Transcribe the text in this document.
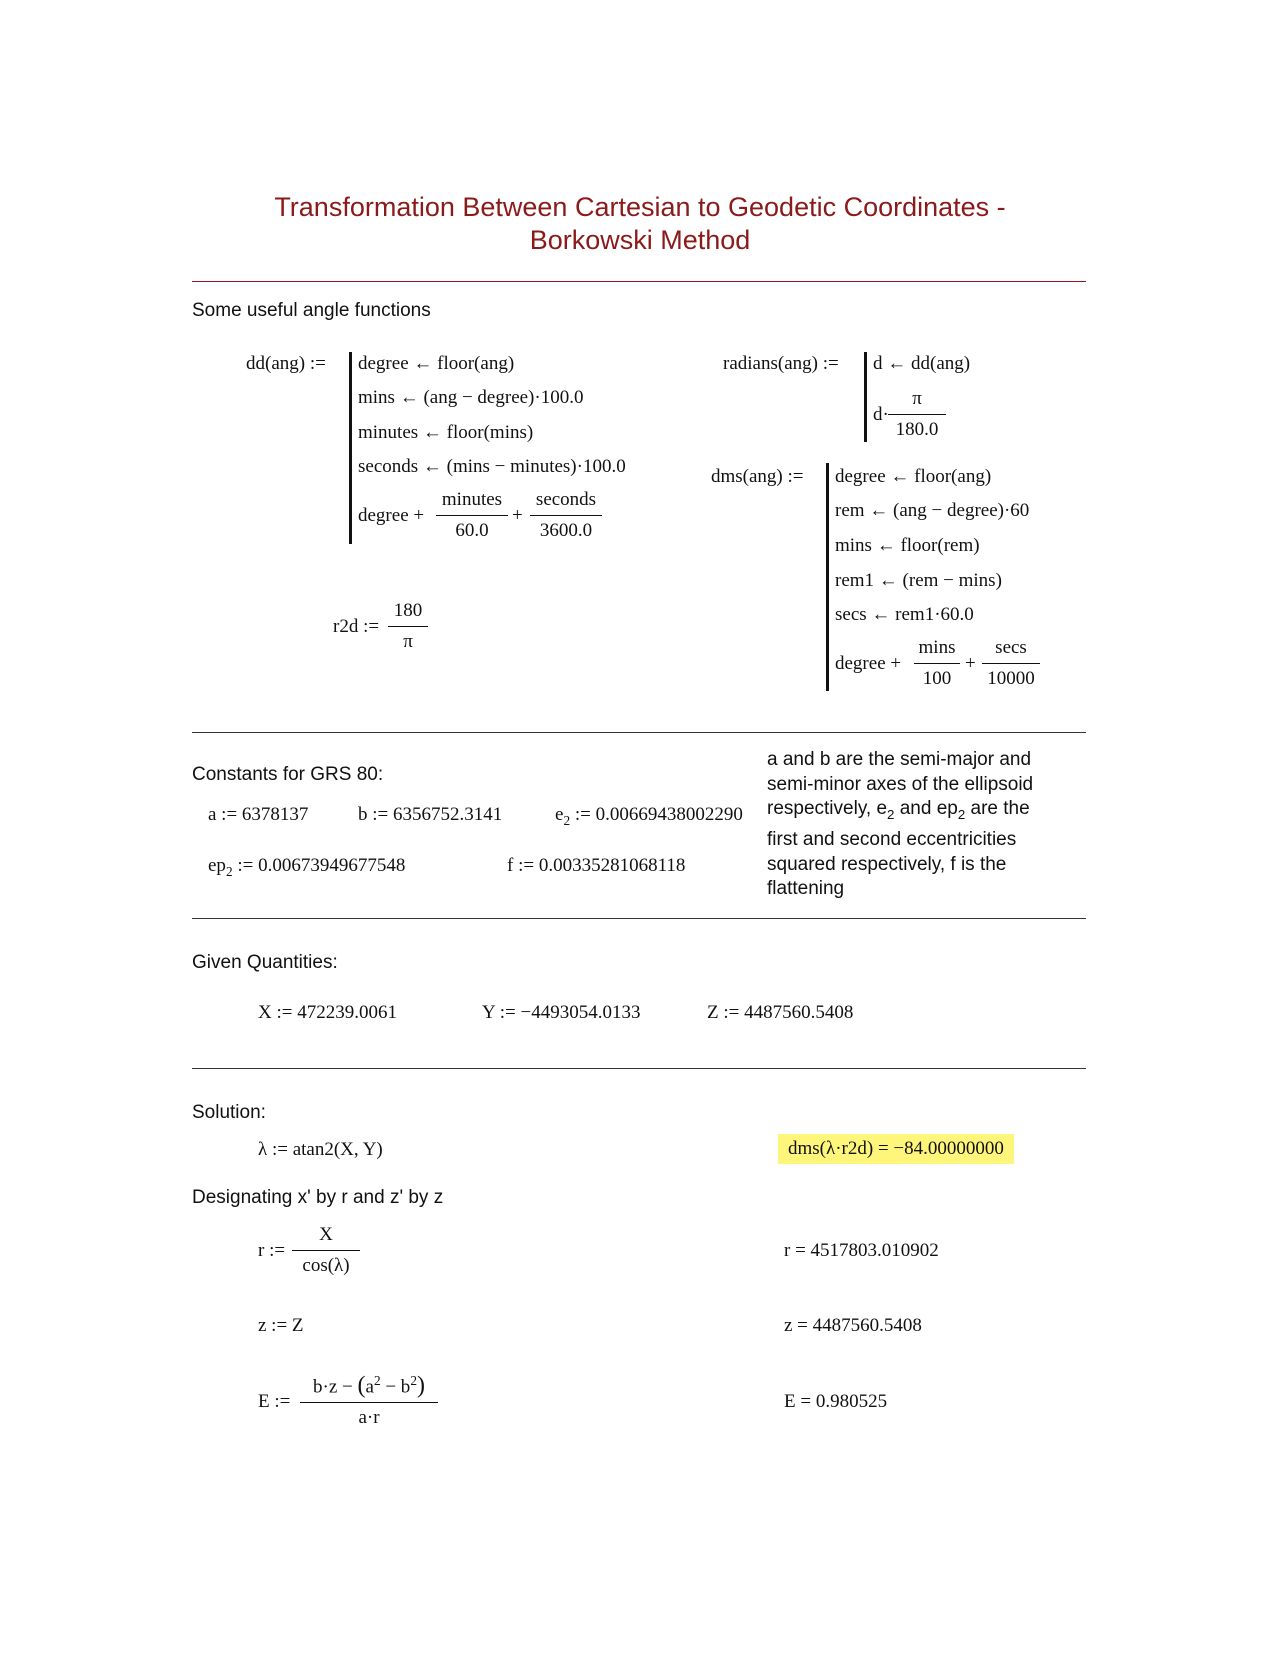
Transformation Between Cartesian to Geodetic Coordinates -
Borkowski Method
Some useful angle functions
dd(ang) := degree ← floor(ang)
mins ← (ang − degree)·100.0
minutes ← floor(mins)
seconds ← (mins − minutes)·100.0
degree +
minutes
60.0
+
seconds
3600.0
r2d := $\frac{180}{\pi}$
radians(ang) := d ← dd(ang)
$d\cdot \frac{\pi}{180.0}$
dms(ang) := degree ← floor(ang)
rem ← (ang − degree)·60
mins ← floor(rem)
rem1 ← (rem − mins)
secs ← rem1·60.0
degree +
mins
100
+
secs
10000
Constants for GRS 80:
a := 6378137	b := 6356752.3141	$e_2$ := 0.00669438002290
$ep_2$ := 0.00673949677548	f := 0.00335281068118
a and b are the semi-major and semi-minor axes of the ellipsoid respectively, $e_2$ and $ep_2$ are the first and second eccentricities squared respectively, f is the flattening
Given Quantities:
X := 472239.0061	Y := −4493054.0133	Z := 4487560.5408
Solution:
λ := atan2(X, Y)	dms(λ·r2d) = −84.00000000
Designating x' by r and z' by z
r := $\frac{X}{\cos(\lambda)}$	r = 4517803.010902
z := Z	z = 4487560.5408
E := $\frac{b\cdot z - (a^2 - b^2)}{a\cdot r}$	E = 0.980525
